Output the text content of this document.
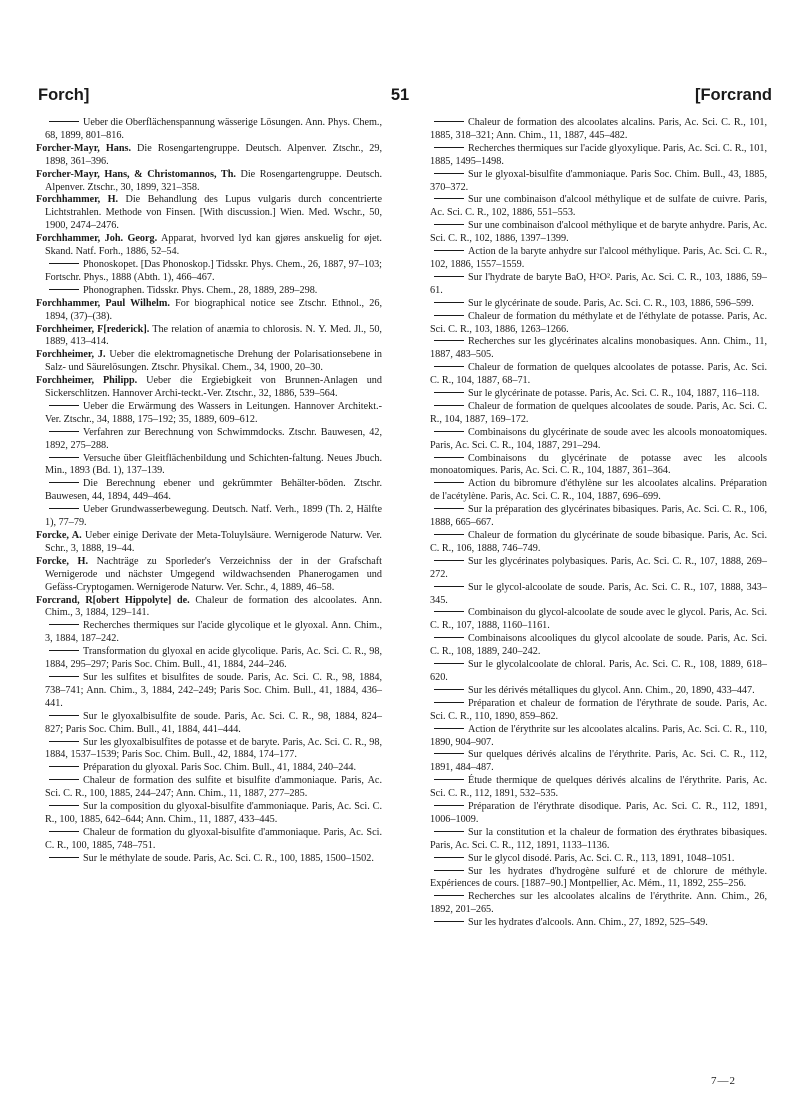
Forch]	51	[Forcrand

Ueber die Oberflächenspannung wässerige Lösungen. Ann. Phys. Chem., 68, 1899, 801–816.

Forcher-Mayr, Hans. Die Rosengartengruppe. Deutsch. Alpenver. Ztschr., 29, 1898, 361–396.

Forcher-Mayr, Hans, & Christomannos, Th. Die Rosengartengruppe. Deutsch. Alpenver. Ztschr., 30, 1899, 321–358.

Forchhammer, H. Die Behandlung des Lupus vulgaris durch concentrierte Lichtstrahlen. Methode von Finsen. [With discussion.] Wien. Med. Wschr., 50, 1900, 2474–2476.

Forchhammer, Joh. Georg. Apparat, hvorved lyd kan gjøres anskuelig for øjet. Skand. Natf. Forh., 1886, 52–54.

Phonoskopet. [Das Phonoskop.] Tidsskr. Phys. Chem., 26, 1887, 97–103; Fortschr. Phys., 1888 (Abth. 1), 466–467.

Phonographen. Tidsskr. Phys. Chem., 28, 1889, 289–298.

Forchhammer, Paul Wilhelm. For biographical notice see Ztschr. Ethnol., 26, 1894, (37)–(38).

Forchheimer, F[rederick]. The relation of anæmia to chlorosis. N. Y. Med. Jl., 50, 1889, 413–414.

Forchheimer, J. Ueber die elektromagnetische Drehung der Polarisationsebene in Salz- und Säurelösungen. Ztschr. Physikal. Chem., 34, 1900, 20–30.

Forchheimer, Philipp. Ueber die Ergiebigkeit von Brunnen-Anlagen und Sickerschlitzen. Hannover Archi-teckt.-Ver. Ztschr., 32, 1886, 539–564.

Ueber die Erwärmung des Wassers in Leitungen. Hannover Architekt.-Ver. Ztschr., 34, 1888, 175–192; 35, 1889, 609–612.

Verfahren zur Berechnung von Schwimmdocks. Ztschr. Bauwesen, 42, 1892, 275–288.

Versuche über Gleitflächenbildung und Schichten-faltung. Neues Jbuch. Min., 1893 (Bd. 1), 137–139.

Die Berechnung ebener und gekrümmter Behälter-böden. Ztschr. Bauwesen, 44, 1894, 449–464.

Ueber Grundwasserbewegung. Deutsch. Natf. Verh., 1899 (Th. 2, Hälfte 1), 77–79.

Forcke, A. Ueber einige Derivate der Meta-Toluylsäure. Wernigerode Naturw. Ver. Schr., 3, 1888, 19–44.

Forcke, H. Nachträge zu Sporleder's Verzeichniss der in der Grafschaft Wernigerode und nächster Umgegend wildwachsenden Phanerogamen und Gefäss-Cryptogamen. Wernigerode Naturw. Ver. Schr., 4, 1889, 46–58.

Forcrand, R[obert Hippolyte] de. Chaleur de formation des alcoolates. Ann. Chim., 3, 1884, 129–141.

Recherches thermiques sur l'acide glycolique et le glyoxal. Ann. Chim., 3, 1884, 187–242.

Transformation du glyoxal en acide glycolique. Paris, Ac. Sci. C. R., 98, 1884, 295–297; Paris Soc. Chim. Bull., 41, 1884, 244–246.

Sur les sulfites et bisulfites de soude. Paris, Ac. Sci. C. R., 98, 1884, 738–741; Ann. Chim., 3, 1884, 242–249; Paris Soc. Chim. Bull., 41, 1884, 436–441.

Sur le glyoxalbisulfite de soude. Paris, Ac. Sci. C. R., 98, 1884, 824–827; Paris Soc. Chim. Bull., 41, 1884, 441–444.

Sur les glyoxalbisulfites de potasse et de baryte. Paris, Ac. Sci. C. R., 98, 1884, 1537–1539; Paris Soc. Chim. Bull., 42, 1884, 174–177.

Préparation du glyoxal. Paris Soc. Chim. Bull., 41, 1884, 240–244.

Chaleur de formation des sulfite et bisulfite d'ammoniaque. Paris, Ac. Sci. C. R., 100, 1885, 244–247; Ann. Chim., 11, 1887, 277–285.

Sur la composition du glyoxal-bisulfite d'ammoniaque. Paris, Ac. Sci. C. R., 100, 1885, 642–644; Ann. Chim., 11, 1887, 433–445.

Chaleur de formation du glyoxal-bisulfite d'ammoniaque. Paris, Ac. Sci. C. R., 100, 1885, 748–751.

Sur le méthylate de soude. Paris, Ac. Sci. C. R., 100, 1885, 1500–1502.

Chaleur de formation des alcoolates alcalins. Paris, Ac. Sci. C. R., 101, 1885, 318–321; Ann. Chim., 11, 1887, 445–482.

Recherches thermiques sur l'acide glyoxylique. Paris, Ac. Sci. C. R., 101, 1885, 1495–1498.

Sur le glyoxal-bisulfite d'ammoniaque. Paris Soc. Chim. Bull., 43, 1885, 370–372.

Sur une combinaison d'alcool méthylique et de sulfate de cuivre. Paris, Ac. Sci. C. R., 102, 1886, 551–553.

Sur une combinaison d'alcool méthylique et de baryte anhydre. Paris, Ac. Sci. C. R., 102, 1886, 1397–1399.

Action de la baryte anhydre sur l'alcool méthylique. Paris, Ac. Sci. C. R., 102, 1886, 1557–1559.

Sur l'hydrate de baryte BaO, H²O². Paris, Ac. Sci. C. R., 103, 1886, 59–61.

Sur le glycérinate de soude. Paris, Ac. Sci. C. R., 103, 1886, 596–599.

Chaleur de formation du méthylate et de l'éthylate de potasse. Paris, Ac. Sci. C. R., 103, 1886, 1263–1266.

Recherches sur les glycérinates alcalins monobasiques. Ann. Chim., 11, 1887, 483–505.

Chaleur de formation de quelques alcoolates de potasse. Paris, Ac. Sci. C. R., 104, 1887, 68–71.

Sur le glycérinate de potasse. Paris, Ac. Sci. C. R., 104, 1887, 116–118.

Chaleur de formation de quelques alcoolates de soude. Paris, Ac. Sci. C. R., 104, 1887, 169–172.

Combinaisons du glycérinate de soude avec les alcools monoatomiques. Paris, Ac. Sci. C. R., 104, 1887, 291–294.

Combinaisons du glycérinate de potasse avec les alcools monoatomiques. Paris, Ac. Sci. C. R., 104, 1887, 361–364.

Action du bibromure d'éthylène sur les alcoolates alcalins. Préparation de l'acétylène. Paris, Ac. Sci. C. R., 104, 1887, 696–699.

Sur la préparation des glycérinates bibasiques. Paris, Ac. Sci. C. R., 106, 1888, 665–667.

Chaleur de formation du glycérinate de soude bibasique. Paris, Ac. Sci. C. R., 106, 1888, 746–749.

Sur les glycérinates polybasiques. Paris, Ac. Sci. C. R., 107, 1888, 269–272.

Sur le glycol-alcoolate de soude. Paris, Ac. Sci. C. R., 107, 1888, 343–345.

Combinaison du glycol-alcoolate de soude avec le glycol. Paris, Ac. Sci. C. R., 107, 1888, 1160–1161.

Combinaisons alcooliques du glycol alcoolate de soude. Paris, Ac. Sci. C. R., 108, 1889, 240–242.

Sur le glycolalcoolate de chloral. Paris, Ac. Sci. C. R., 108, 1889, 618–620.

Sur les dérivés métalliques du glycol. Ann. Chim., 20, 1890, 433–447.

Préparation et chaleur de formation de l'érythrate de soude. Paris, Ac. Sci. C. R., 110, 1890, 859–862.

Action de l'érythrite sur les alcoolates alcalins. Paris, Ac. Sci. C. R., 110, 1890, 904–907.

Sur quelques dérivés alcalins de l'érythrite. Paris, Ac. Sci. C. R., 112, 1891, 484–487.

Étude thermique de quelques dérivés alcalins de l'érythrite. Paris, Ac. Sci. C. R., 112, 1891, 532–535.

Préparation de l'érythrate disodique. Paris, Ac. Sci. C. R., 112, 1891, 1006–1009.

Sur la constitution et la chaleur de formation des érythrates bibasiques. Paris, Ac. Sci. C. R., 112, 1891, 1133–1136.

Sur le glycol disodé. Paris, Ac. Sci. C. R., 113, 1891, 1048–1051.

Sur les hydrates d'hydrogène sulfuré et de chlorure de méthyle. Expériences de cours. [1887–90.] Montpellier, Ac. Mém., 11, 1892, 255–256.

Recherches sur les alcoolates alcalins de l'érythrite. Ann. Chim., 26, 1892, 201–265.

Sur les hydrates d'alcools. Ann. Chim., 27, 1892, 525–549.

7—2
